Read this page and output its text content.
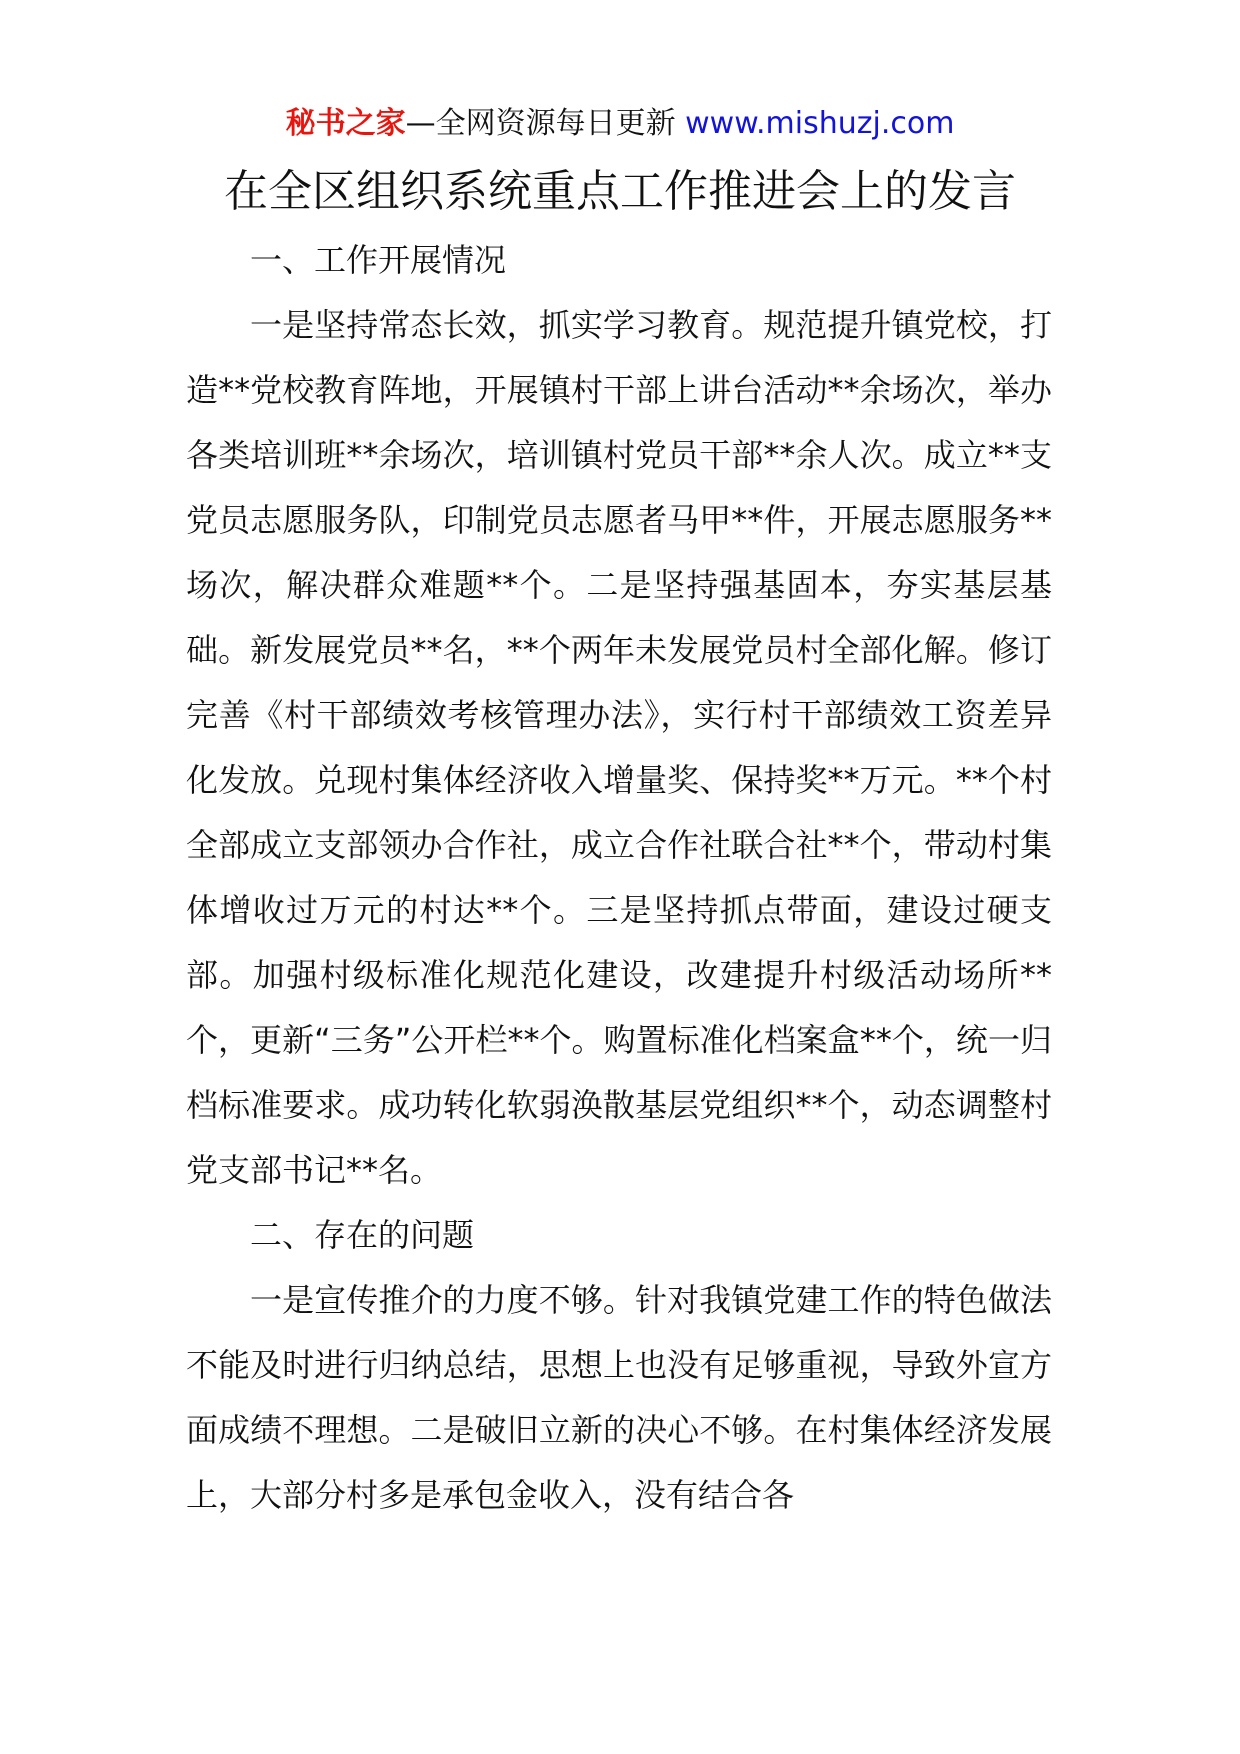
秘书之家—全网资源每日更新 www.mishuzj.com
在全区组织系统重点工作推进会上的发言

一、工作开展情况

一是坚持常态长效，抓实学习教育。规范提升镇党校，打造**党校教育阵地，开展镇村干部上讲台活动**余场次，举办各类培训班**余场次，培训镇村党员干部**余人次。成立**支党员志愿服务队，印制党员志愿者马甲**件，开展志愿服务**场次，解决群众难题**个。二是坚持强基固本，夯实基层基础。新发展党员**名，**个两年未发展党员村全部化解。修订完善《村干部绩效考核管理办法》，实行村干部绩效工资差异化发放。兑现村集体经济收入增量奖、保持奖**万元。**个村全部成立支部领办合作社，成立合作社联合社**个，带动村集体增收过万元的村达**个。三是坚持抓点带面，建设过硬支部。加强村级标准化规范化建设，改建提升村级活动场所**个，更新“三务”公开栏**个。购置标准化档案盒**个，统一归档标准要求。成功转化软弱涣散基层党组织**个，动态调整村党支部书记**名。

二、存在的问题

一是宣传推介的力度不够。针对我镇党建工作的特色做法不能及时进行归纳总结，思想上也没有足够重视，导致外宣方面成绩不理想。二是破旧立新的决心不够。在村集体经济发展上，大部分村多是承包金收入，没有结合各
